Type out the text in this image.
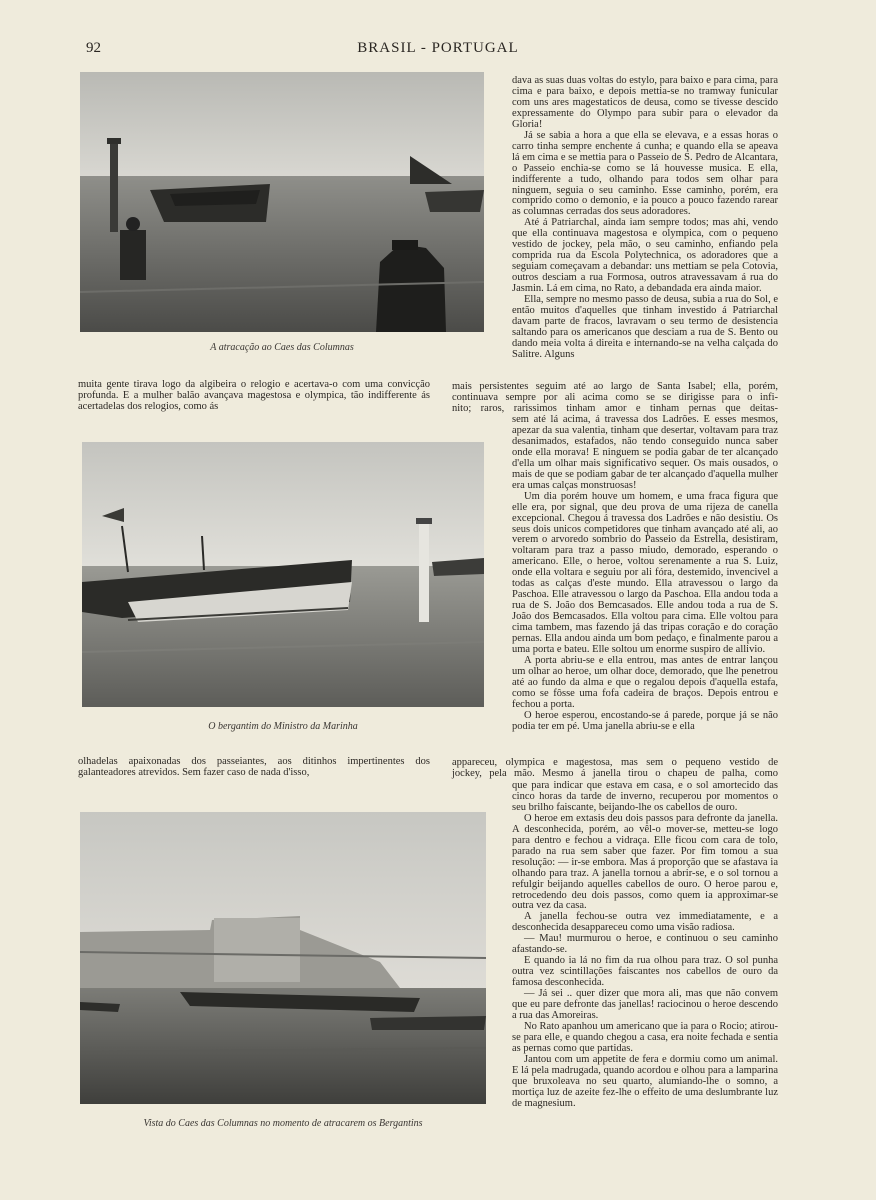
92	BRASIL - PORTUGAL
A atracação ao Caes das Columnas
muita gente tirava logo da algibeira o relogio e acertava-o com uma convicção profunda. E a mulher balão avançava magestosa e olympica, tão indifferente ás acertadelas dos relogios, como ás
O bergantim do Ministro da Marinha
olhadelas apaixonadas dos passeiantes, aos ditinhos impertinentes dos galanteadores atrevidos. Sem fazer caso de nada d'isso,
Vista do Caes das Columnas no momento de atracarem os Bergantins
mais persistentes seguim até ao largo de Santa Isabel; ella, porém,
continuava sempre por ali acima como se se dirigisse para o infi-
nito; raros, rarissimos tinham amor e tinham pernas que deitas-
appareceu, olympica e magestosa, mas sem o pequeno vestido de
jockey, pela mão. Mesmo á janella tirou o chapeu de palha, como

dava as suas duas voltas do estylo, para baixo e para cima, para cima e para baixo, e depois mettia-se no tramway funicular com uns ares magestaticos de deusa, como se tivesse descido expressamente do Olympo para subir para o elevador da Gloria!

Já se sabia a hora a que ella se elevava, e a essas horas o carro tinha sempre enchente á cunha; e quando ella se apeava lá em cima e se mettia para o Passeio de S. Pedro de Alcantara, o Passeio enchia-se como se lá houvesse musica. E ella, indifferente a tudo, olhando para todos sem olhar para ninguem, seguia o seu caminho. Esse caminho, porém, era comprido como o demonio, e ia pouco a pouco fazendo rarear as columnas cerradas dos seus adoradores.

Até á Patriarchal, ainda iam sempre todos; mas ahi, vendo que ella continuava magestosa e olympica, com o pequeno vestido de jockey, pela mão, o seu caminho, enfiando pela comprida rua da Escola Polytechnica, os adoradores que a seguiam começavam a debandar: uns mettiam se pela Cotovia, outros desciam a rua Formosa, outros atravessavam á rua do Jasmin. Lá em cima, no Rato, a debandada era ainda maior.

Ella, sempre no mesmo passo de deusa, subia a rua do Sol, e então muitos d'aquelles que tinham investido á Patriarchal davam parte de fracos, lavravam o seu termo de desistencia saltando para os americanos que desciam a rua de S. Bento ou dando meia volta á direita e internando-se na velha calçada do Salitre. Alguns

sem até lá acima, á travessa dos Ladrões. E esses mesmos, apezar da sua valentia, tinham que desertar, voltavam para traz desanimados, estafados, não tendo conseguido nunca saber onde ella morava! E ninguem se podia gabar de ter alcançado d'ella um olhar mais significativo sequer. Os mais ousados, o mais de que se podiam gabar de ter alcançado d'aquella mulher era umas calças monstruosas!

Um dia porém houve um homem, e uma fraca figura que elle era, por signal, que deu prova de uma rijeza de canella excepcional. Chegou á travessa dos Ladrões e não desistiu. Os seus dois unicos competidores que tinham avançado até ali, ao verem o arvoredo sombrio do Passeio da Estrella, desistiram, voltaram para traz a passo miudo, demorado, esperando o americano. Elle, o heroe, voltou serenamente a rua S. Luiz, onde ella voltara e seguiu por ali fóra, destemido, invencivel a todas as calças d'este mundo. Ella atravessou o largo da Paschoa. Elle atravessou o largo da Paschoa. Ella andou toda a rua de S. João dos Bemcasados. Elle andou toda a rua de S. João dos Bemcasados. Ella voltou para cima. Elle voltou para cima tambem, mas fazendo já das tripas coração e do coração pernas. Ella andou ainda um bom pedaço, e finalmente parou a uma porta e bateu. Elle soltou um enorme suspiro de allivio.

A porta abriu-se e ella entrou, mas antes de entrar lançou um olhar ao heroe, um olhar doce, demorado, que lhe penetrou até ao fundo da alma e que o regalou depois d'aquella estafa, como se fôsse uma fofa cadeira de braços. Depois entrou e fechou a porta.

O heroe esperou, encostando-se á parede, porque já se não podia ter em pé. Uma janella abriu-se e ella

que para indicar que estava em casa, e o sol amortecido das cinco horas da tarde de inverno, recuperou por momentos o seu brilho faiscante, beijando-lhe os cabellos de ouro.

O heroe em extasis deu dois passos para defronte da janella. A desconhecida, porém, ao vêl-o mover-se, metteu-se logo para dentro e fechou a vidraça. Elle ficou com cara de tolo, parado na rua sem saber que fazer. Por fim tomou a sua resolução: — ir-se embora. Mas á proporção que se afastava ia olhando para traz. A janella tornou a abrir-se, e o sol tornou a refulgir beijando aquelles cabellos de ouro. O heroe parou e, retrocedendo deu dois passos, como quem ia approximar-se outra vez da casa.

A janella fechou-se outra vez immediatamente, e a desconhecida desappareceu como uma visão radiosa.

— Mau! murmurou o heroe, e continuou o seu caminho afastando-se.

E quando ia lá no fim da rua olhou para traz. O sol punha outra vez scintillações faiscantes nos cabellos de ouro da famosa desconhecida.

— Já sei .. quer dizer que mora ali, mas que não convem que eu pare defronte das janellas! raciocinou o heroe descendo a rua das Amoreiras.

No Rato apanhou um americano que ia para o Rocio; atirou-se para elle, e quando chegou a casa, era noite fechada e sentia as pernas como que partidas.

Jantou com um appetite de fera e dormiu como um animal. E lá pela madrugada, quando acordou e olhou para a lamparina que bruxoleava no seu quarto, alumiando-lhe o somno, a mortiça luz de azeite fez-lhe o effeito de uma deslumbrante luz de magnesium.
